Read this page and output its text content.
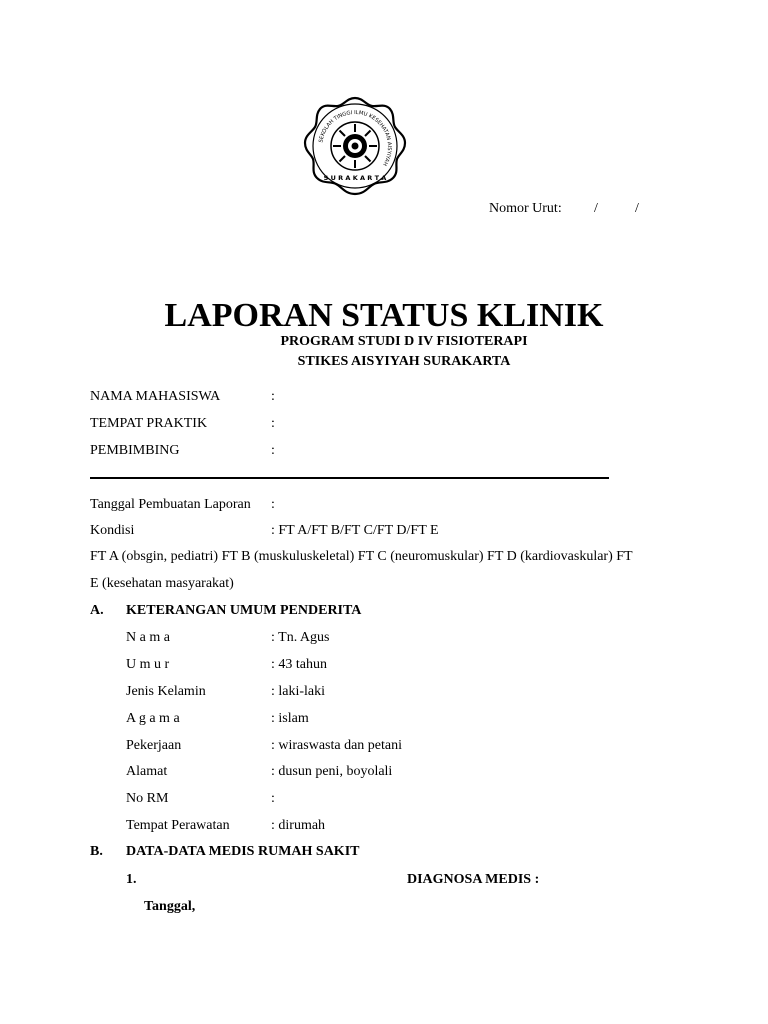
SEKOLAH TINGGI ILMU KESEHATAN AISYIYAH
S U R A K A R T A
Nomor Urut: /	/
LAPORAN STATUS KLINIK
PROGRAM STUDI D IV FISIOTERAPI
STIKES AISYIYAH SURAKARTA
NAMA MAHASISWA	:
TEMPAT PRAKTIK	:
PEMBIMBING	:
Tanggal Pembuatan Laporan :
Kondisi	: FT A/FT B/FT C/FT D/FT E
FT A (obsgin, pediatri) FT B (muskuluskeletal) FT C (neuromuskular) FT D (kardiovaskular) FT
E (kesehatan masyarakat)
A. KETERANGAN UMUM PENDERITA
N a m a	: Tn. Agus
U m u r	: 43 tahun
Jenis Kelamin	: laki-laki
A g a m a	: islam
Pekerjaan	: wiraswasta dan petani
Alamat	: dusun peni, boyolali
No RM	:
Tempat Perawatan	: dirumah
B. DATA-DATA MEDIS RUMAH SAKIT
1.	DIAGNOSA MEDIS :
Tanggal,
